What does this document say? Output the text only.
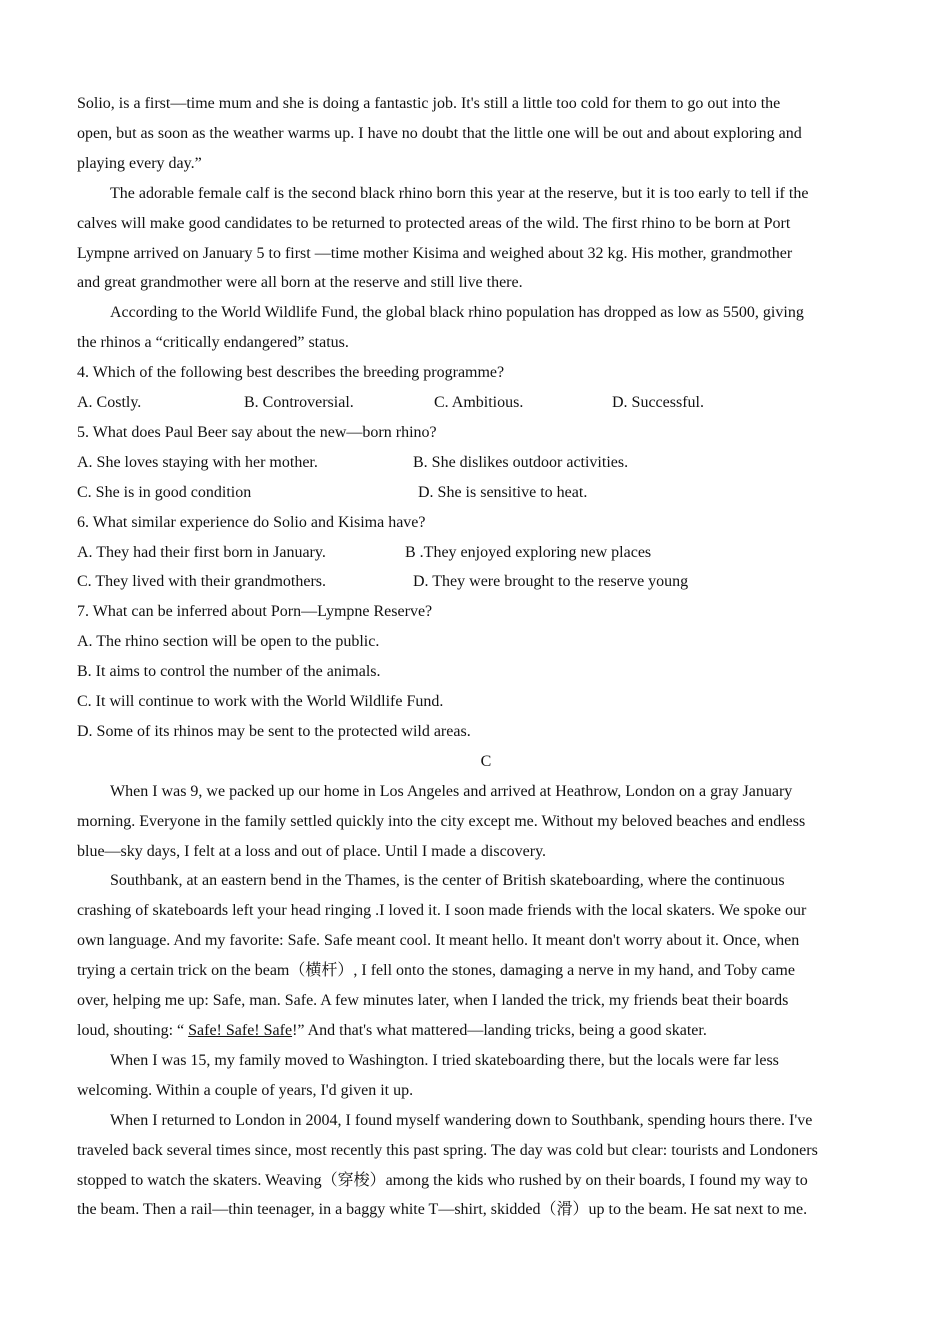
Solio, is a first—time mum and she is doing a fantastic job. It's still a little too cold for them to go out into the
open, but as soon as the weather warms up. I have no doubt that the little one will be out and about exploring and
playing every day.”
The adorable female calf is the second black rhino born this year at the reserve, but it is too early to tell if the
calves will make good candidates to be returned to protected areas of the wild. The first rhino to be born at Port
Lympne arrived on January 5 to first —time mother Kisima and weighed about 32 kg. His mother, grandmother
and great grandmother were all born at the reserve and still live there.
According to the World Wildlife Fund, the global black rhino population has dropped as low as 5500, giving
the rhinos a “critically endangered” status.
4. Which of the following best describes the breeding programme?
A. Costly.	B. Controversial.	C. Ambitious.	D. Successful.
5. What does Paul Beer say about the new—born rhino?
A. She loves staying with her mother.	B. She dislikes outdoor activities.
C. She is in good condition	D. She is sensitive to heat.
6. What similar experience do Solio and Kisima have?
A. They had their first born in January.	B .They enjoyed exploring new places
C. They lived with their grandmothers.	D. They were brought to the reserve young
7. What can be inferred about Porn—Lympne Reserve?
A. The rhino section will be open to the public.
B. It aims to control the number of the animals.
C. It will continue to work with the World Wildlife Fund.
D. Some of its rhinos may be sent to the protected wild areas.
C
When I was 9, we packed up our home in Los Angeles and arrived at Heathrow, London on a gray January
morning. Everyone in the family settled quickly into the city except me. Without my beloved beaches and endless
blue—sky days, I felt at a loss and out of place. Until I made a discovery.
Southbank, at an eastern bend in the Thames, is the center of British skateboarding, where the continuous
crashing of skateboards left your head ringing .I loved it. I soon made friends with the local skaters. We spoke our
own language. And my favorite: Safe. Safe meant cool. It meant hello. It meant don't worry about it. Once, when
trying a certain trick on the beam（横杆）, I fell onto the stones, damaging a nerve in my hand, and Toby came
over, helping me up: Safe, man. Safe. A few minutes later, when I landed the trick, my friends beat their boards
loud, shouting: “ Safe! Safe! Safe!” And that's what mattered—landing tricks, being a good skater.
When I was 15, my family moved to Washington. I tried skateboarding there, but the locals were far less
welcoming. Within a couple of years, I'd given it up.
When I returned to London in 2004, I found myself wandering down to Southbank, spending hours there. I've
traveled back several times since, most recently this past spring. The day was cold but clear: tourists and Londoners
stopped to watch the skaters. Weaving（穿梭）among the kids who rushed by on their boards, I found my way to
the beam. Then a rail—thin teenager, in a baggy white T—shirt, skidded（滑）up to the beam. He sat next to me.
